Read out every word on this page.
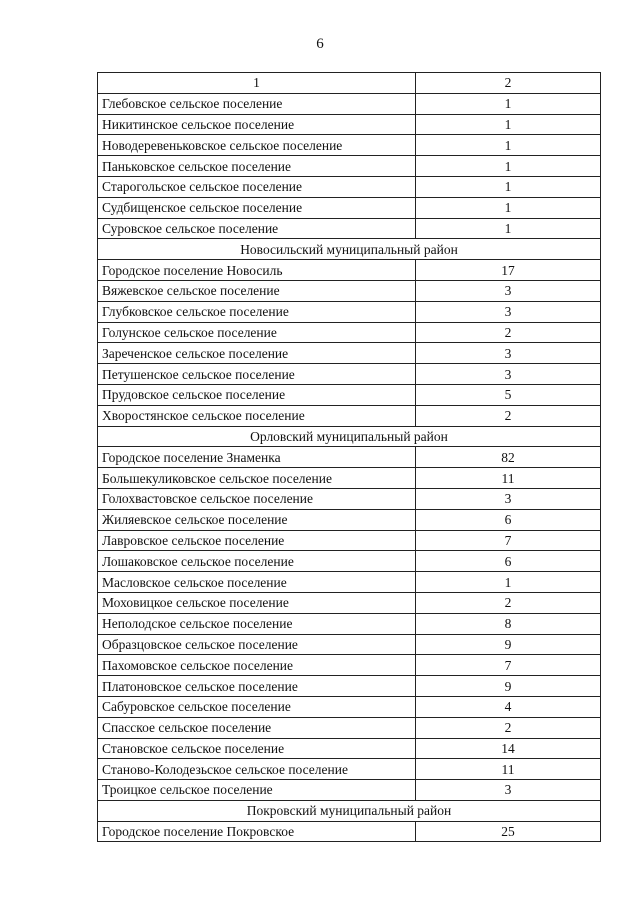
6
1	2
Глебовское сельское поселение	1
Никитинское сельское поселение	1
Новодеревеньковское сельское поселение	1
Паньковское сельское поселение	1
Старогольское сельское поселение	1
Судбищенское сельское поселение	1
Суровское сельское поселение	1
Новосильский муниципальный район	
Городское поселение Новосиль	17
Вяжевское сельское поселение	3
Глубковское сельское поселение	3
Голунское сельское поселение	2
Зареченское сельское поселение	3
Петушенское сельское поселение	3
Прудовское сельское поселение	5
Хворостянское сельское поселение	2
Орловский муниципальный район	
Городское поселение Знаменка	82
Большекуликовское сельское поселение	11
Голохвастовское сельское поселение	3
Жиляевское сельское поселение	6
Лавровское сельское поселение	7
Лошаковское сельское поселение	6
Масловское сельское поселение	1
Моховицкое сельское поселение	2
Неполодское сельское поселение	8
Образцовское сельское поселение	9
Пахомовское сельское поселение	7
Платоновское сельское поселение	9
Сабуровское сельское поселение	4
Спасское сельское поселение	2
Становское сельское поселение	14
Становo-Колодезьское сельское поселение	11
Троицкое сельское поселение	3
Покровский муниципальный район	
Городское поселение Покровское	25
